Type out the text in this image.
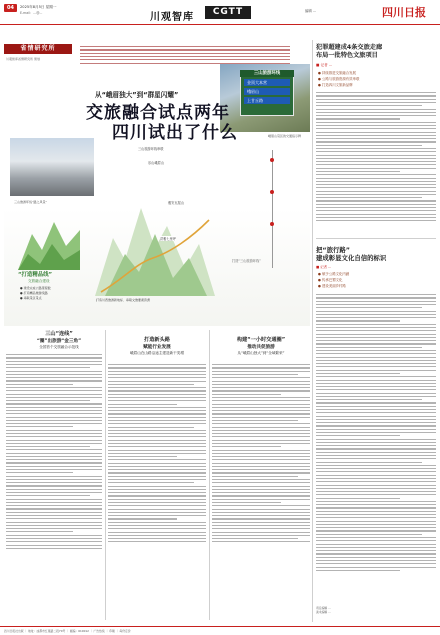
04	2025年8月5日 星期一
E-mail：...@...	川观智库	CGTT	编辑 ...	四川日报
省情研究所
川观智库省情研究所 策划
三山旅游环线
金顶大本营
峨眉山
上甘丘路
峨眉山景区的交通指示牌
从“峨眉独大”到“群星闪耀”
交旅融合试点两年
四川试出了什么
三山旅游环线“路之风景”
三山旅游环线串联
乐山峨眉山
雅安瓦屋山
洪雅七里坪
打造“三山旅游环线”
“打造精品线”
交旅融合建设
● 建设完成公路里程数
● 打造精品旅游线路
● 串联景区景点	打造川西旅游新地标、串联文旅要素资源
三山“连线”
“圈”出旅游“金三角”
全国首个交旅融合示范线
打造新头路
赋能行业发展
峨眉山在山路沿途主建造新干类增
构建“一小时交通圈”
推动共促旅游
从“峨眉山独大”到“全域繁荣”
犯罪超建成4条交旅走廊
布局一批特色文旅项目
■ 记者 ...
● 持续推进交旅融合发展
● 公路与旅游资源有效串联
● 打造四川文旅新品牌
把“旅行路”
建成彰显文化自信的标识
■ 记者 ...
● 赋予公路文化内涵
● 传承巴蜀文化
● 建设美丽乡村路
责任编辑 ...
美术编辑 ...
四川日报社出版 ｜ 地址：成都市红星路二段70号 ｜ 邮编：610012 ｜ 广告热线 ｜ 印刷 ｜ 每份定价
